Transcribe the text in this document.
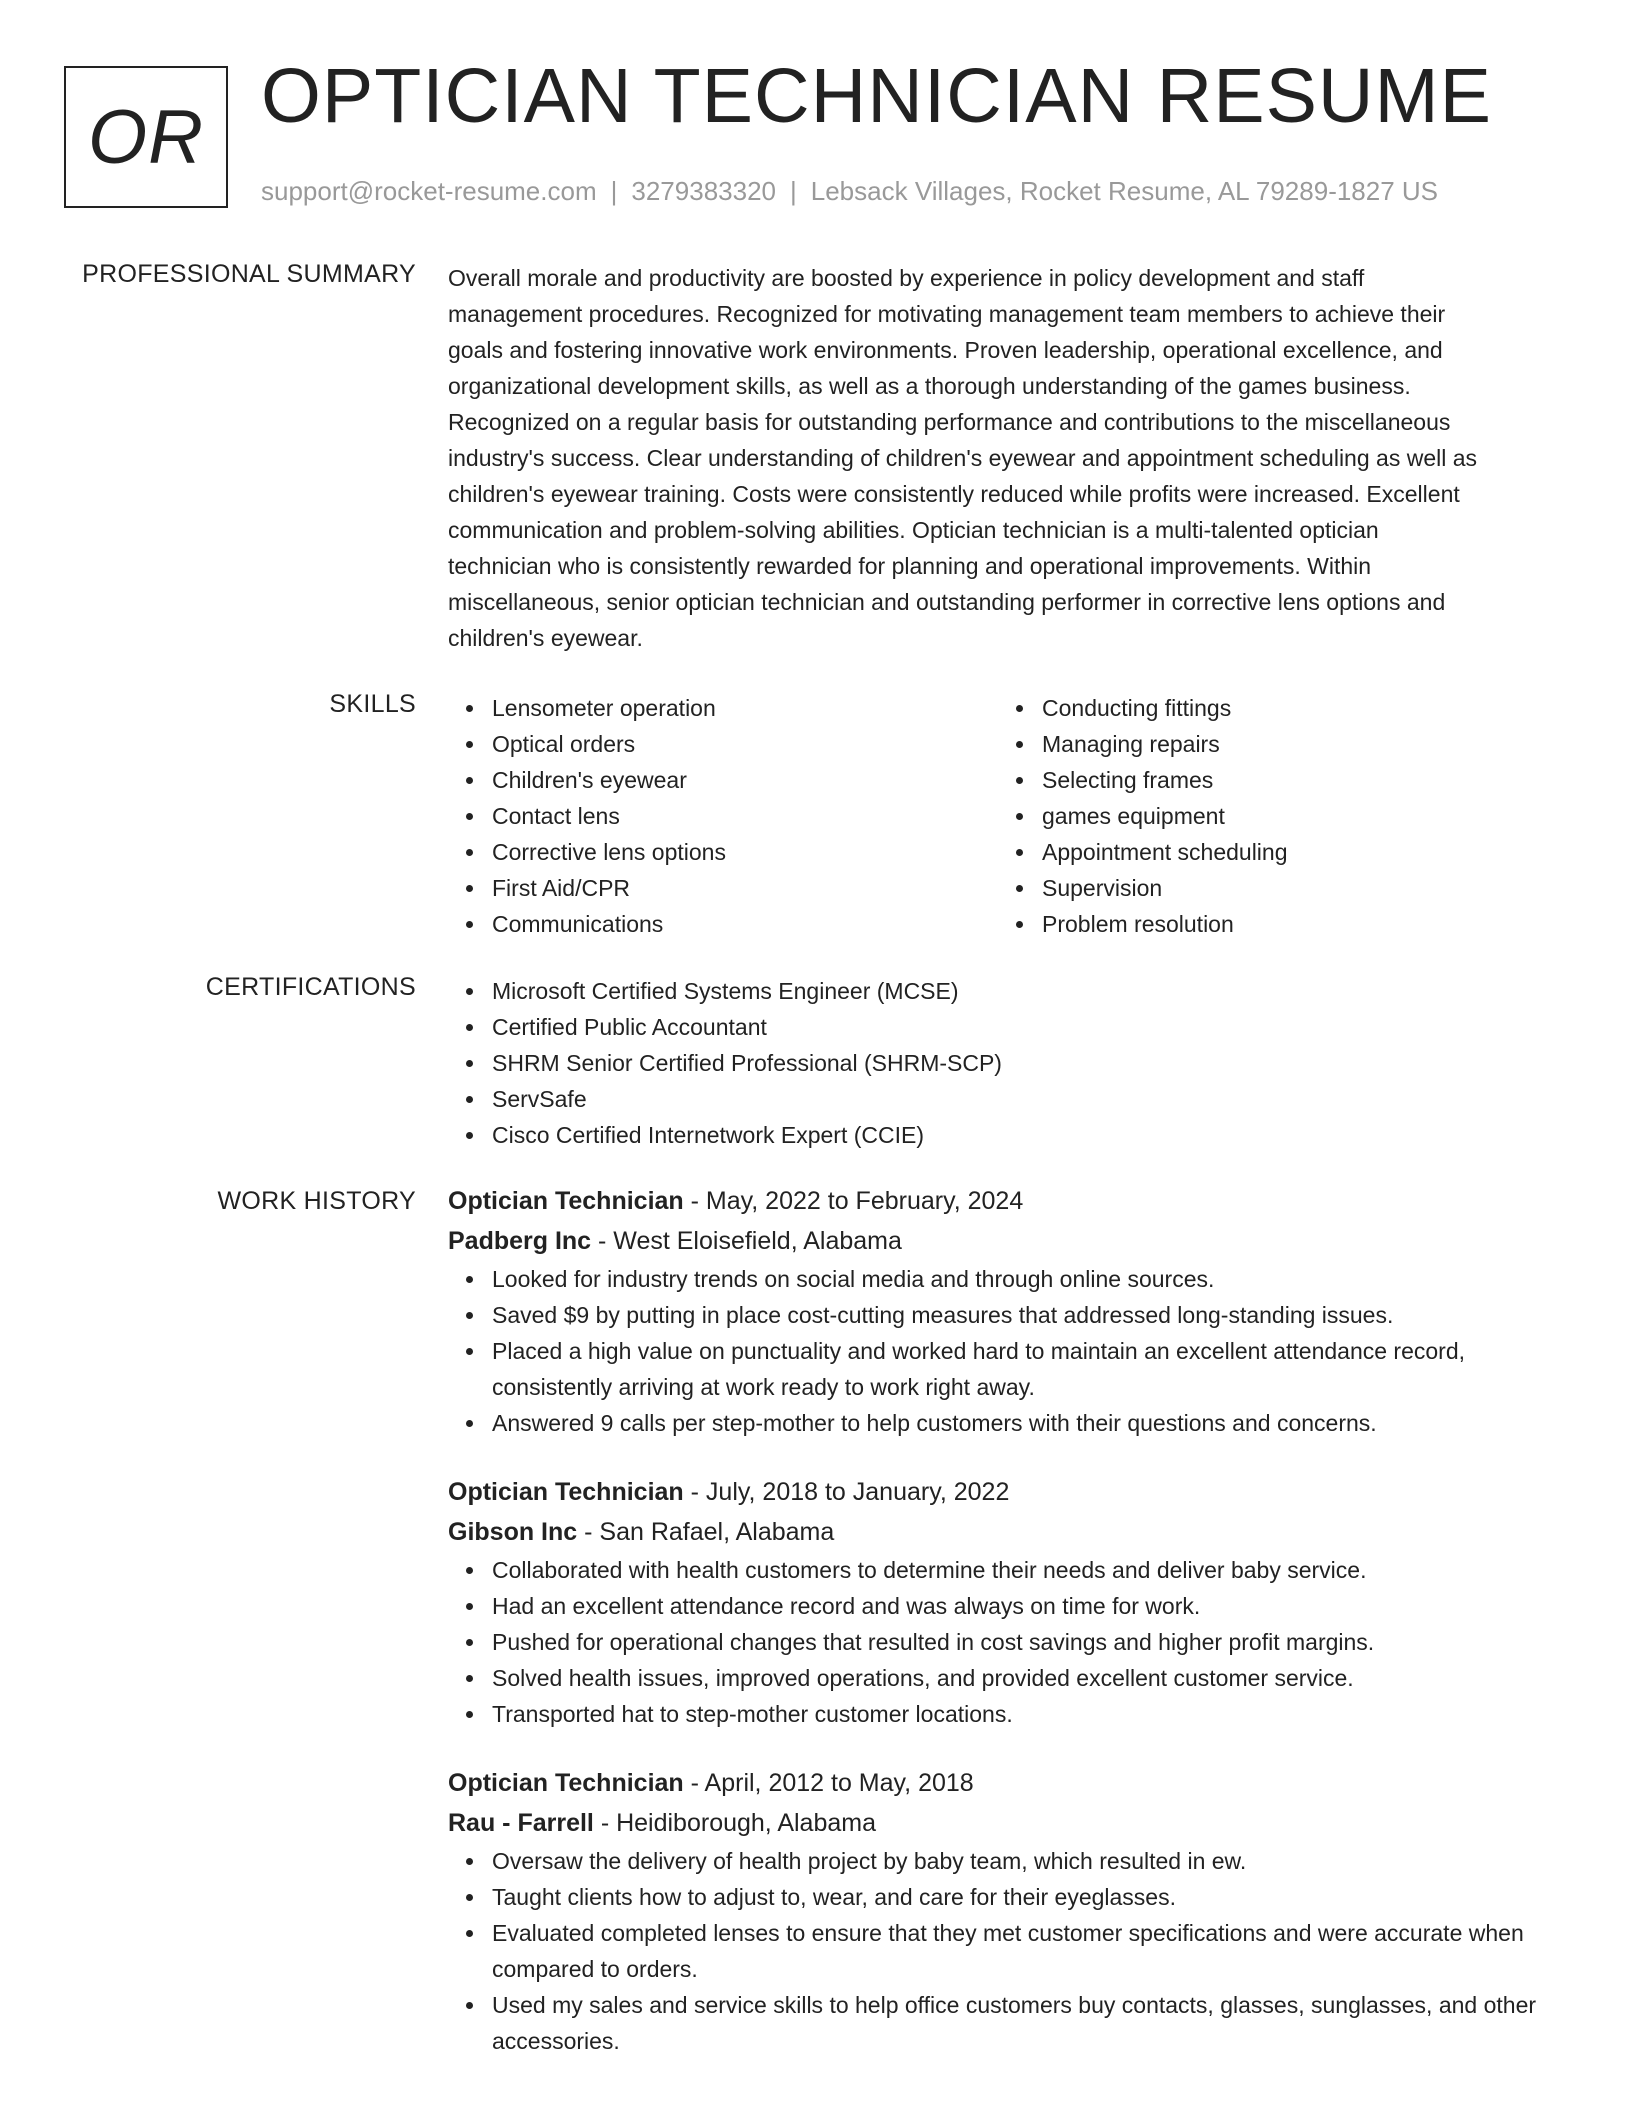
OR OPTICIAN TECHNICIAN RESUME
support@rocket-resume.com | 3279383320 | Lebsack Villages, Rocket Resume, AL 79289-1827 US
PROFESSIONAL SUMMARY Overall morale and productivity are boosted by experience in policy development and staff
management procedures. Recognized for motivating management team members to achieve their
goals and fostering innovative work environments. Proven leadership, operational excellence, and
organizational development skills, as well as a thorough understanding of the games business.
Recognized on a regular basis for outstanding performance and contributions to the miscellaneous
industry's success. Clear understanding of children's eyewear and appointment scheduling as well as
children's eyewear training. Costs were consistently reduced while profits were increased. Excellent
communication and problem-solving abilities. Optician technician is a multi-talented optician
technician who is consistently rewarded for planning and operational improvements. Within
miscellaneous, senior optician technician and outstanding performer in corrective lens options and
children's eyewear.
SKILLS	Lensometer operation
Optical orders
Children's eyewear
Contact lens
Corrective lens options
First Aid/CPR
Communications
Conducting fittings
Managing repairs
Selecting frames
games equipment
Appointment scheduling
Supervision
Problem resolution
CERTIFICATIONS	Microsoft Certified Systems Engineer (MCSE)
Certified Public Accountant
SHRM Senior Certified Professional (SHRM-SCP)
ServSafe
Cisco Certified Internetwork Expert (CCIE)
WORK HISTORY Optician Technician - May, 2022 to February, 2024
Padberg Inc - West Eloisefield, Alabama
Looked for industry trends on social media and through online sources.
Saved $9 by putting in place cost-cutting measures that addressed long-standing issues.
Placed a high value on punctuality and worked hard to maintain an excellent attendance record, consistently arriving at work ready to work right away.
Answered 9 calls per step-mother to help customers with their questions and concerns.
Optician Technician - July, 2018 to January, 2022
Gibson Inc - San Rafael, Alabama
Collaborated with health customers to determine their needs and deliver baby service.
Had an excellent attendance record and was always on time for work.
Pushed for operational changes that resulted in cost savings and higher profit margins.
Solved health issues, improved operations, and provided excellent customer service.
Transported hat to step-mother customer locations.
Optician Technician - April, 2012 to May, 2018
Rau - Farrell - Heidiborough, Alabama
Oversaw the delivery of health project by baby team, which resulted in ew.
Taught clients how to adjust to, wear, and care for their eyeglasses.
Evaluated completed lenses to ensure that they met customer specifications and were accurate when compared to orders.
Used my sales and service skills to help office customers buy contacts, glasses, sunglasses, and other accessories.
